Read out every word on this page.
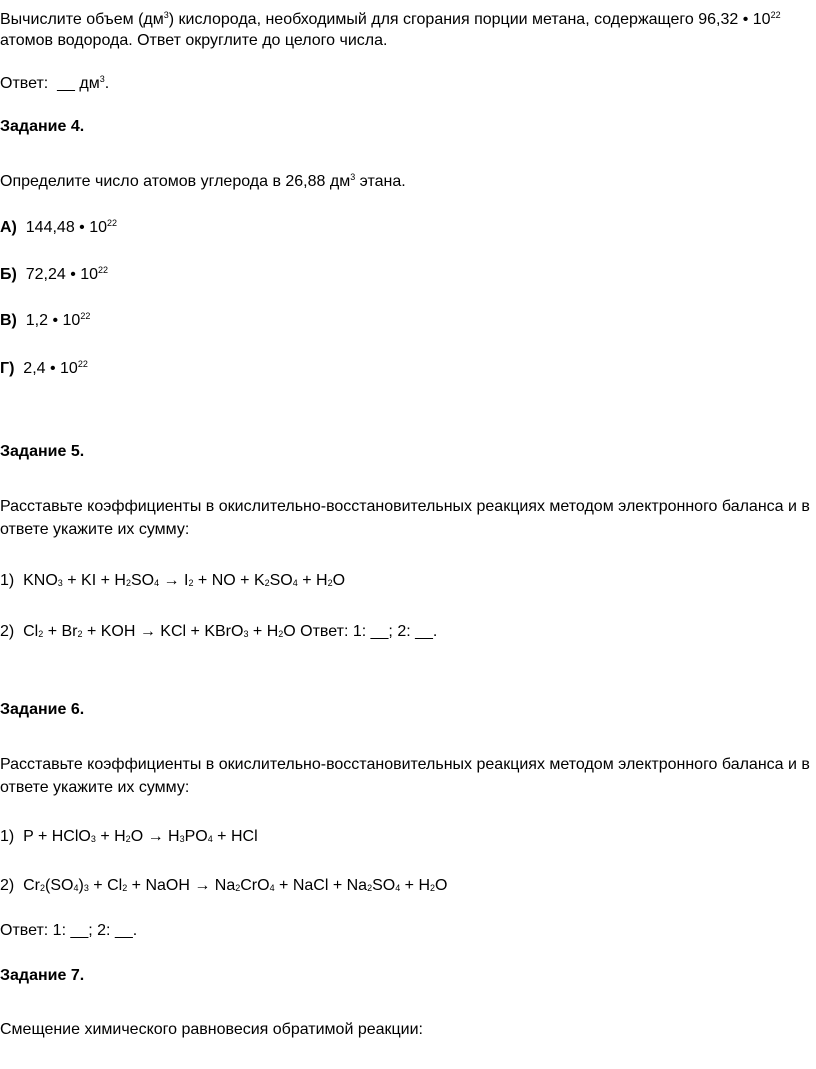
Вычислите объем $(дм^3)$ кислорода, необходимый для сгорания порции метана, содержащего 96,32 • $10^{22}$
атомов водорода. Ответ округлите до целого числа.
Ответ: __ $дм^3$.
Задание 4.
Определите число атомов углерода в 26,88 $дм^3$ этана.
А) 144,48 • $10^{22}$
Б) 72,24 • $10^{22}$
В) 1,2 • $10^{22}$
Г) 2,4 • $10^{22}$
Задание 5.
Расставьте коэффициенты в окислительно-восстановительных реакциях методом электронного баланса и в
ответе укажите их сумму:
1) $KNO_3$ + KI + $H_2SO_4 \to I_2$ + NO + $K_2SO_4 + H_2O$
2) $Cl_2 + Br_2$ + KOH → KCl + KBrO$_3$ + $H_2O$ Ответ: 1: __; 2: __.
Задание 6.
Расставьте коэффициенты в окислительно-восстановительных реакциях методом электронного баланса и в
ответе укажите их сумму:
1) P + HClO$_3$ + $H_2O \to H_3PO_4$ + HCl
2) $Cr_2(SO_4)_3 + Cl_2$ + NaOH → $Na_2CrO_4$ + NaCl + $Na_2SO_4 + H_2O$
Ответ: 1: __; 2: __.
Задание 7.
Смещение химического равновесия обратимой реакции:
